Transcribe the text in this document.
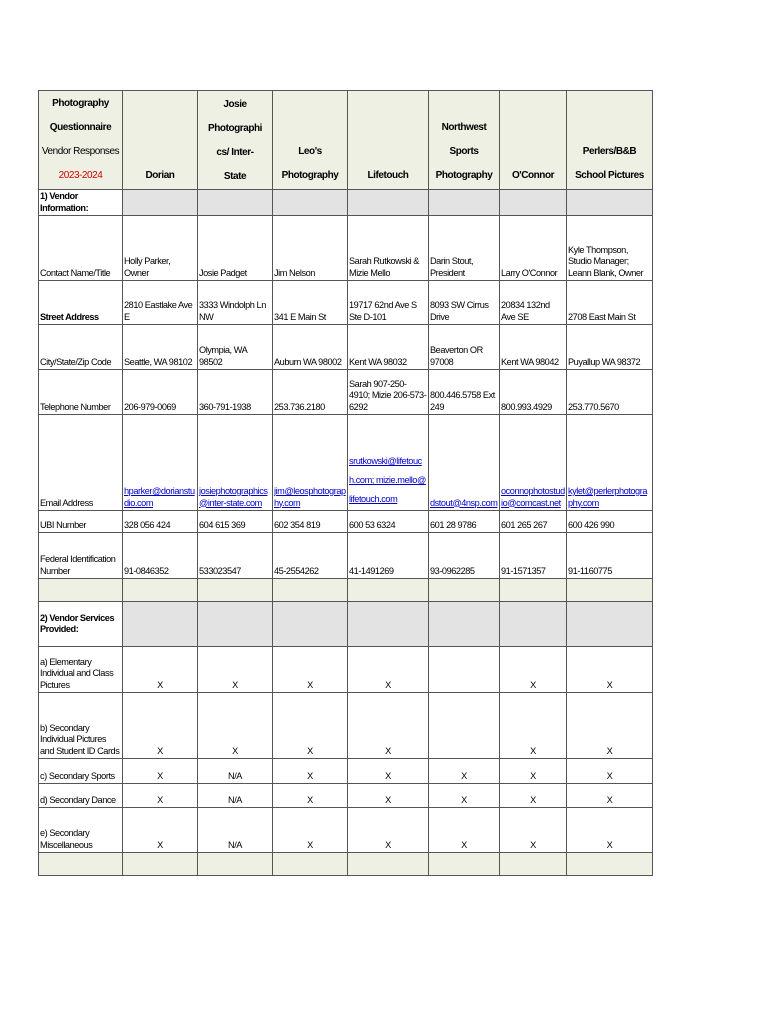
Photography
Questionnaire
Vendor Responses
2023-2024	Dorian	Josie Photographics/ Inter-State	Leo's Photography	Lifetouch	Northwest Sports Photography	O'Connor	Perlers/B&B School Pictures
1) Vendor Information:							
Contact Name/Title	Holly Parker, Owner	Josie Padget	Jim Nelson	Sarah Rutkowski & Mizie Mello	Darin Stout, President	Larry O'Connor	Kyle Thompson, Studio Manager; Leann Blank, Owner
Street Address	2810 Eastlake Ave E	3333 Windolph Ln NW	341 E Main St	19717 62nd Ave S Ste D-101	8093 SW Cirrus Drive	20834 132nd Ave SE	2708 East Main St
City/State/Zip Code	Seattle, WA 98102	Olympia, WA 98502	Auburn WA 98002	Kent WA 98032	Beaverton OR 97008	Kent WA 98042	Puyallup WA 98372
Telephone Number	206-979-0069	360-791-1938	253.736.2180	Sarah 907-250-4910; Mizie 206-573-6292	800.446.5758 Ext 249	800.993.4929	253.770.5670
Email Address	hparker@dorianstudio.com	josiephotographics@inter-state.com	jim@leosphotography.com	srutkowski@lifetouch.com; mizie.mello@lifetouch.com	dstout@4nsp.com	oconnophotostudio@comcast.net	kylet@perlerphotography.com
UBI Number	328 056 424	604 615 369	602 354 819	600 53 6324	601 28 9786	601 265 267	600 426 990
Federal Identification Number	91-0846352	533023547	45-2554262	41-1491269	93-0962285	91-1571357	91-1160775

2) Vendor Services Provided:							
a) Elementary Individual and Class Pictures	X	X	X	X		X	X
b) Secondary Individual Pictures and Student ID Cards	X	X	X	X		X	X
c) Secondary Sports	X	N/A	X	X	X	X	X
d) Secondary Dance	X	N/A	X	X	X	X	X
e) Secondary Miscellaneous	X	N/A	X	X	X	X	X
